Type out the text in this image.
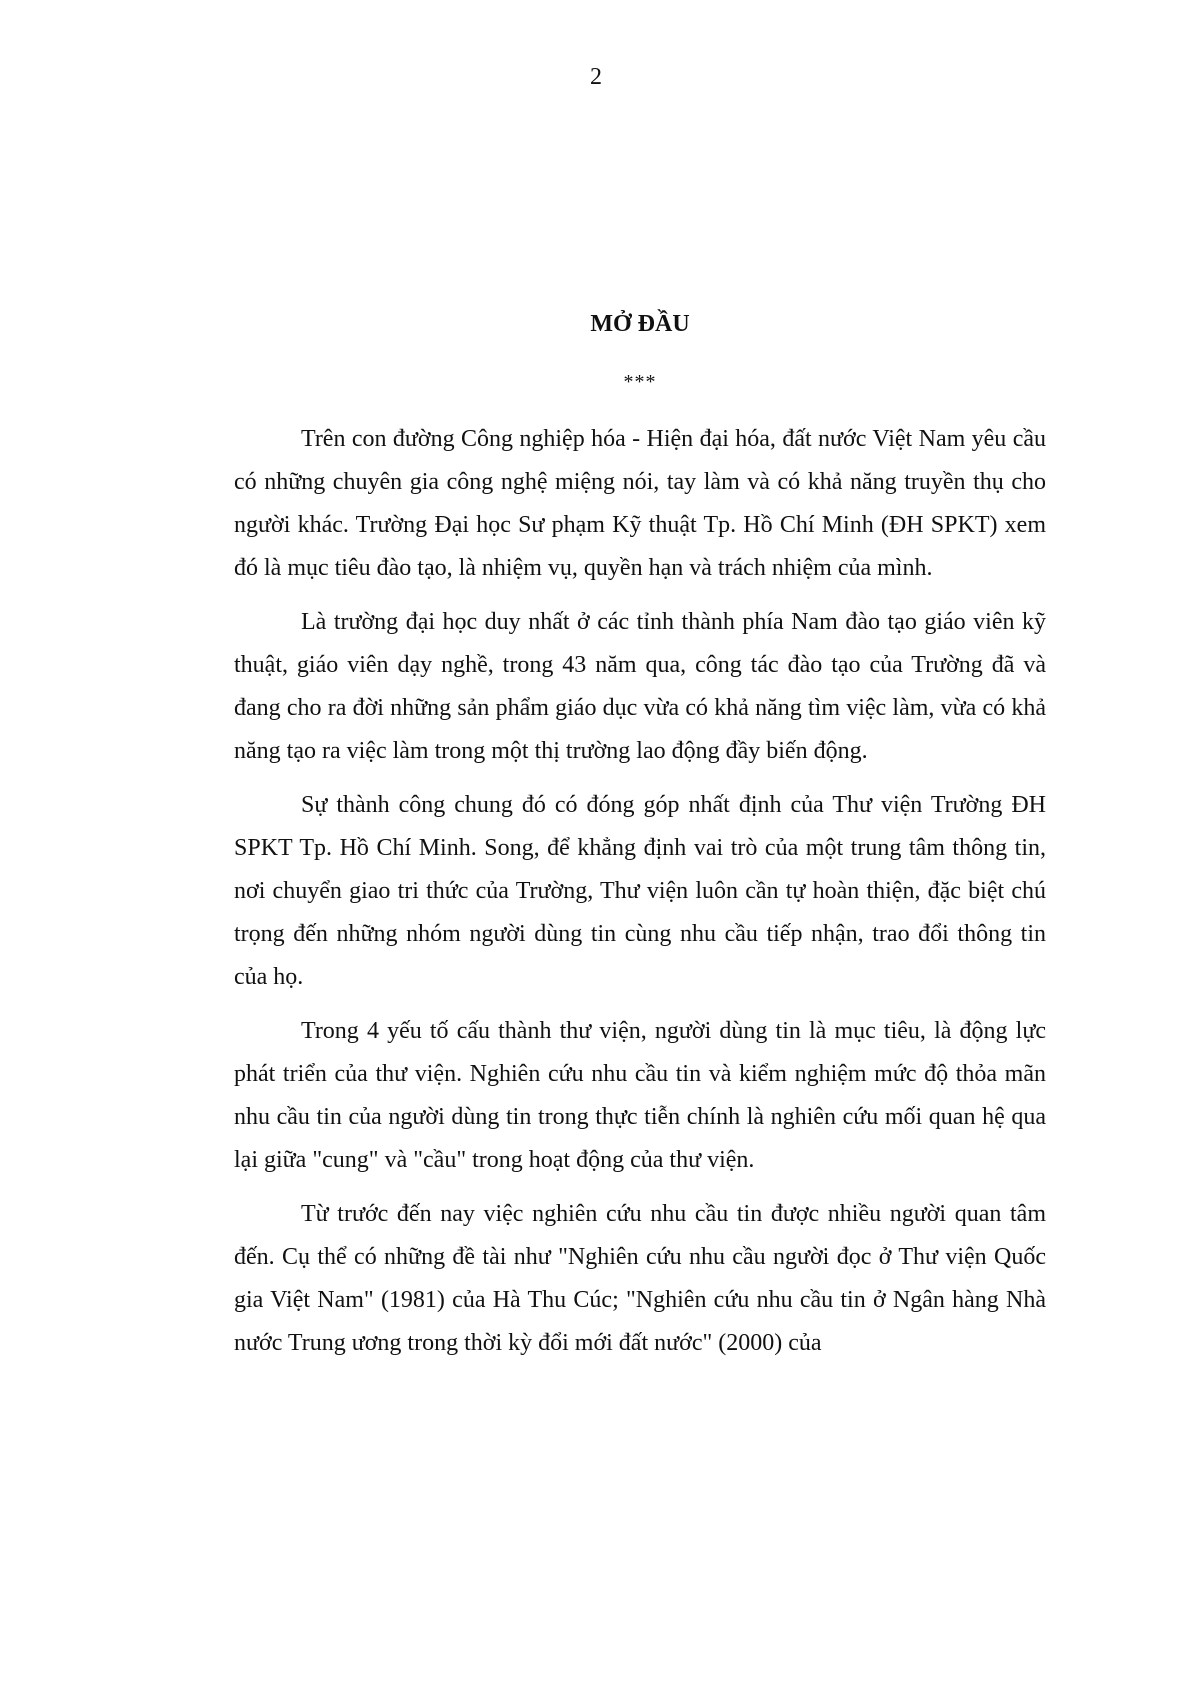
2
MỞ ĐẦU
***

Trên con đường Công nghiệp hóa - Hiện đại hóa, đất nước Việt Nam yêu cầu có những chuyên gia công nghệ miệng nói, tay làm và có khả năng truyền thụ cho người khác. Trường Đại học Sư phạm Kỹ thuật Tp. Hồ Chí Minh (ĐH SPKT) xem đó là mục tiêu đào tạo, là nhiệm vụ, quyền hạn và trách nhiệm của mình.

Là trường đại học duy nhất ở các tỉnh thành phía Nam đào tạo giáo viên kỹ thuật, giáo viên dạy nghề, trong 43 năm qua, công tác đào tạo của Trường đã và đang cho ra đời những sản phẩm giáo dục vừa có khả năng tìm việc làm, vừa có khả năng tạo ra việc làm trong một thị trường lao động đầy biến động.

Sự thành công chung đó có đóng góp nhất định của Thư viện Trường ĐH SPKT Tp. Hồ Chí Minh. Song, để khẳng định vai trò của một trung tâm thông tin, nơi chuyển giao tri thức của Trường, Thư viện luôn cần tự hoàn thiện, đặc biệt chú trọng đến những nhóm người dùng tin cùng nhu cầu tiếp nhận, trao đổi thông tin của họ.

Trong 4 yếu tố cấu thành thư viện, người dùng tin là mục tiêu, là động lực phát triển của thư viện. Nghiên cứu nhu cầu tin và kiểm nghiệm mức độ thỏa mãn nhu cầu tin của người dùng tin trong thực tiễn chính là nghiên cứu mối quan hệ qua lại giữa "cung" và "cầu" trong hoạt động của thư viện.

Từ trước đến nay việc nghiên cứu nhu cầu tin được nhiều người quan tâm đến. Cụ thể có những đề tài như "Nghiên cứu nhu cầu người đọc ở Thư viện Quốc gia Việt Nam" (1981) của Hà Thu Cúc; "Nghiên cứu nhu cầu tin ở Ngân hàng Nhà nước Trung ương trong thời kỳ đổi mới đất nước" (2000) của
